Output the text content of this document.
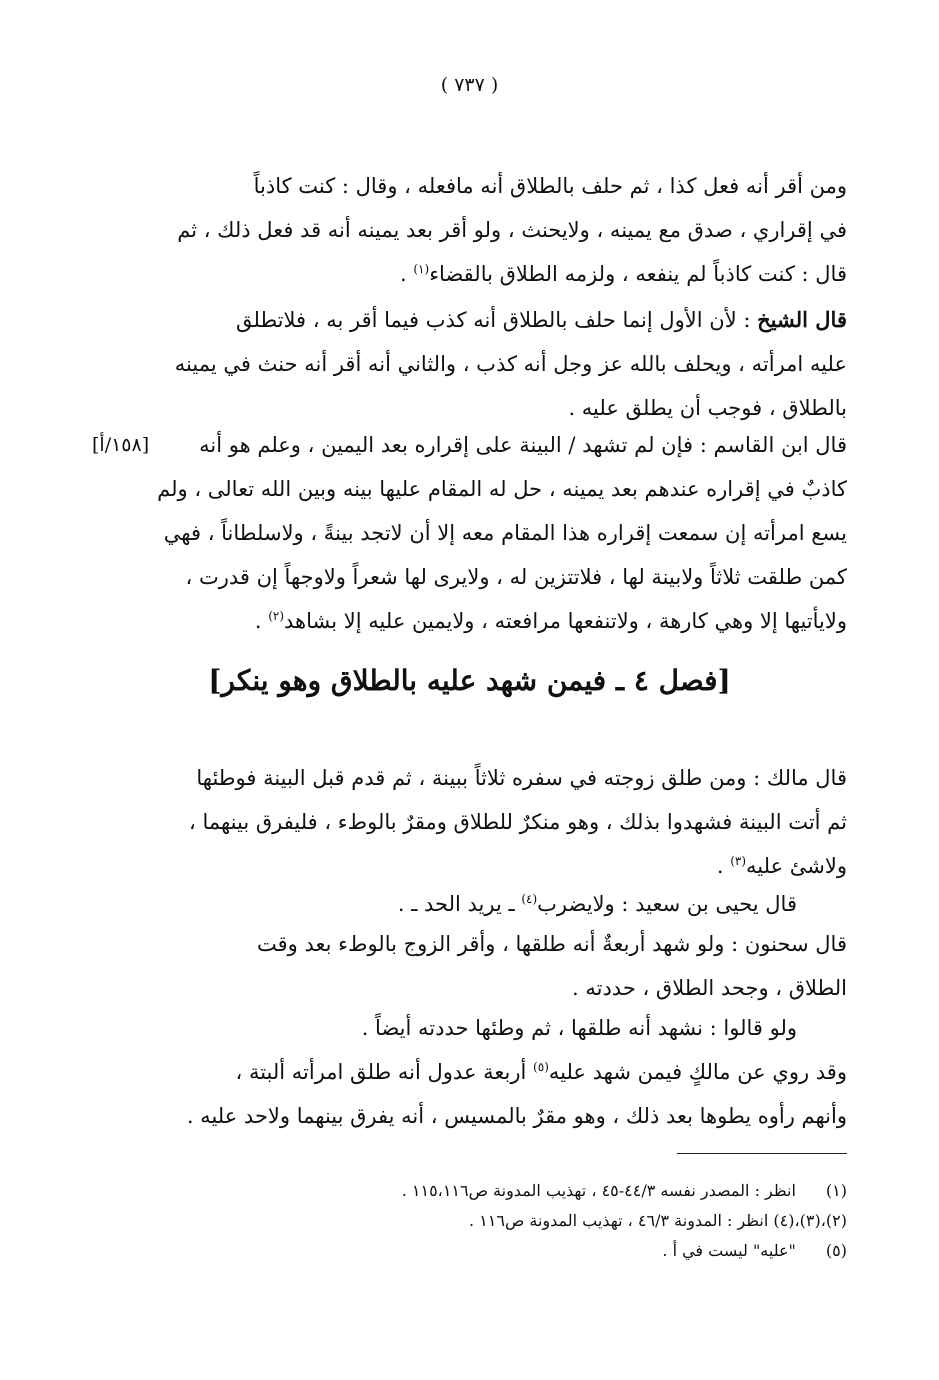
( ٧٣٧ )
ومن أقر أنه فعل كذا ، ثم حلف بالطلاق أنه مافعله ، وقال : كنت كاذباً
في إقراري ، صدق مع يمينه ، ولايحنث ، ولو أقر بعد يمينه أنه قد فعل ذلك ، ثم
قال : كنت كاذباً لم ينفعه ، ولزمه الطلاق بالقضاء$^{(١)}$ .
قال الشيخ : لأن الأول إنما حلف بالطلاق أنه كذب فيما أقر به ، فلاتطلق
عليه امرأته ، ويحلف بالله عز وجل أنه كذب ، والثاني أنه أقر أنه حنث في يمينه
بالطلاق ، فوجب أن يطلق عليه .
[١٥٨/أ]	قال ابن القاسم : فإن لم تشهد / البينة على إقراره بعد اليمين ، وعلم هو أنه
كاذبٌ في إقراره عندهم بعد يمينه ، حل له المقام عليها بينه وبين الله تعالى ، ولم
يسع امرأته إن سمعت إقراره هذا المقام معه إلا أن لاتجد بينةً ، ولاسلطاناً ، فهي
كمن طلقت ثلاثاً ولابينة لها ، فلاتتزين له ، ولايرى لها شعراً ولاوجهاً إن قدرت ،
ولايأتيها إلا وهي كارهة ، ولاتنفعها مرافعته ، ولايمين عليه إلا بشاهد$^{(٢)}$ .
[فصل ٤ ـ فيمن شهد عليه بالطلاق وهو ينكر]
قال مالك : ومن طلق زوجته في سفره ثلاثاً ببينة ، ثم قدم قبل البينة فوطئها
ثم أتت البينة فشهدوا بذلك ، وهو منكرٌ للطلاق ومقرٌ بالوطء ، فليفرق بينهما ،
ولاشئ عليه$^{(٣)}$ .
قال يحيى بن سعيد : ولايضرب$^{(٤)}$ ـ يريد الحد ـ .
قال سحنون : ولو شهد أربعةٌ أنه طلقها ، وأقر الزوج بالوطء بعد وقت
الطلاق ، وجحد الطلاق ، حددته .
ولو قالوا : نشهد أنه طلقها ، ثم وطئها حددته أيضاً .
وقد روي عن مالكٍ فيمن شهد عليه$^{(٥)}$ أربعة عدول أنه طلق امرأته ألبتة ،
وأنهم رأوه يطوها بعد ذلك ، وهو مقرٌ بالمسيس ، أنه يفرق بينهما ولاحد عليه .
(١) انظر : المصدر نفسه ٤٤/٣-٤٥ ، تهذيب المدونة ص١١٥،١١٦ .
(٢)،(٣)،(٤) انظر : المدونة ٤٦/٣ ، تهذيب المدونة ص١١٦ .
(٥) "عليه" ليست في أ .
